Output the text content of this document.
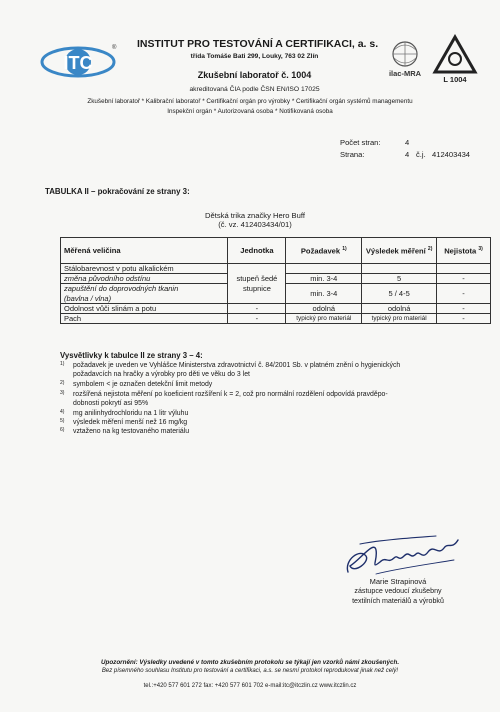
ITC
® INSTITUT PRO TESTOVÁNÍ A CERTIFIKACI, a. s.
třída Tomáše Bati 299, Louky, 763 02 Zlín
Zkušební laboratoř č. 1004
akreditovaná ČIA podle ČSN EN/ISO 17025
ilac-MRA
L 1004
Zkušební laboratoř * Kalibrační laboratoř * Certifikační orgán pro výrobky * Certifikační orgán systémů managementu
Inspekční orgán * Autorizovaná osoba * Notifikovaná osoba
Počet stran:	4
Strana:	4 č.j. 412403434
TABULKA II – pokračování ze strany 3:
Dětská trika značky Hero Buff
(č. vz. 412403434/01)
Měřená veličina	Jednotka	Požadavek $^{1)}$	Výsledek měření $^{2)}$	Nejistota $^{3)}$
Stálobarevnost v potu alkalickém	stupeň šedé stupnice			
změna původního odstínu		min. 3-4	5	-
zapuštění do doprovodných tkanin		min. 3-4	5 / 4-5	-
(bavlna / vlna)				
Odolnost vůči slinám a potu	-	odolná	odolná	-
Pach	-	typický pro materiál	typický pro materiál	-
Vysvětlivky k tabulce II ze strany 3 – 4:
1) požadavek je uveden ve Vyhlášce Ministerstva zdravotnictví č. 84/2001 Sb. v platném znění o hygienických
požadavcích na hračky a výrobky pro děti ve věku do 3 let
2) symbolem < je označen detekční limit metody
3) rozšířená nejistota měření po koeficient rozšíření k = 2, což pro normální rozdělení odpovídá pravděpo-
dobnosti pokrytí asi 95%
4) mg anilinhydrochloridu na 1 litr výluhu
5) výsledek měření menší než 16 mg/kg
6) vztaženo na kg testovaného materiálu
Marie Strapinová
zástupce vedoucí zkušebny
textilních materiálů a výrobků
Upozornění: Výsledky uvedené v tomto zkušebním protokolu se týkají jen vzorků námi zkoušených.
Bez písemného souhlasu Institutu pro testování a certifikaci, a.s. se nesmí protokol reprodukovat jinak než celý!
tel.:+420 577 601 272 fax: +420 577 601 702 e-mail:itc@itczlin.cz www.itczlin.cz
